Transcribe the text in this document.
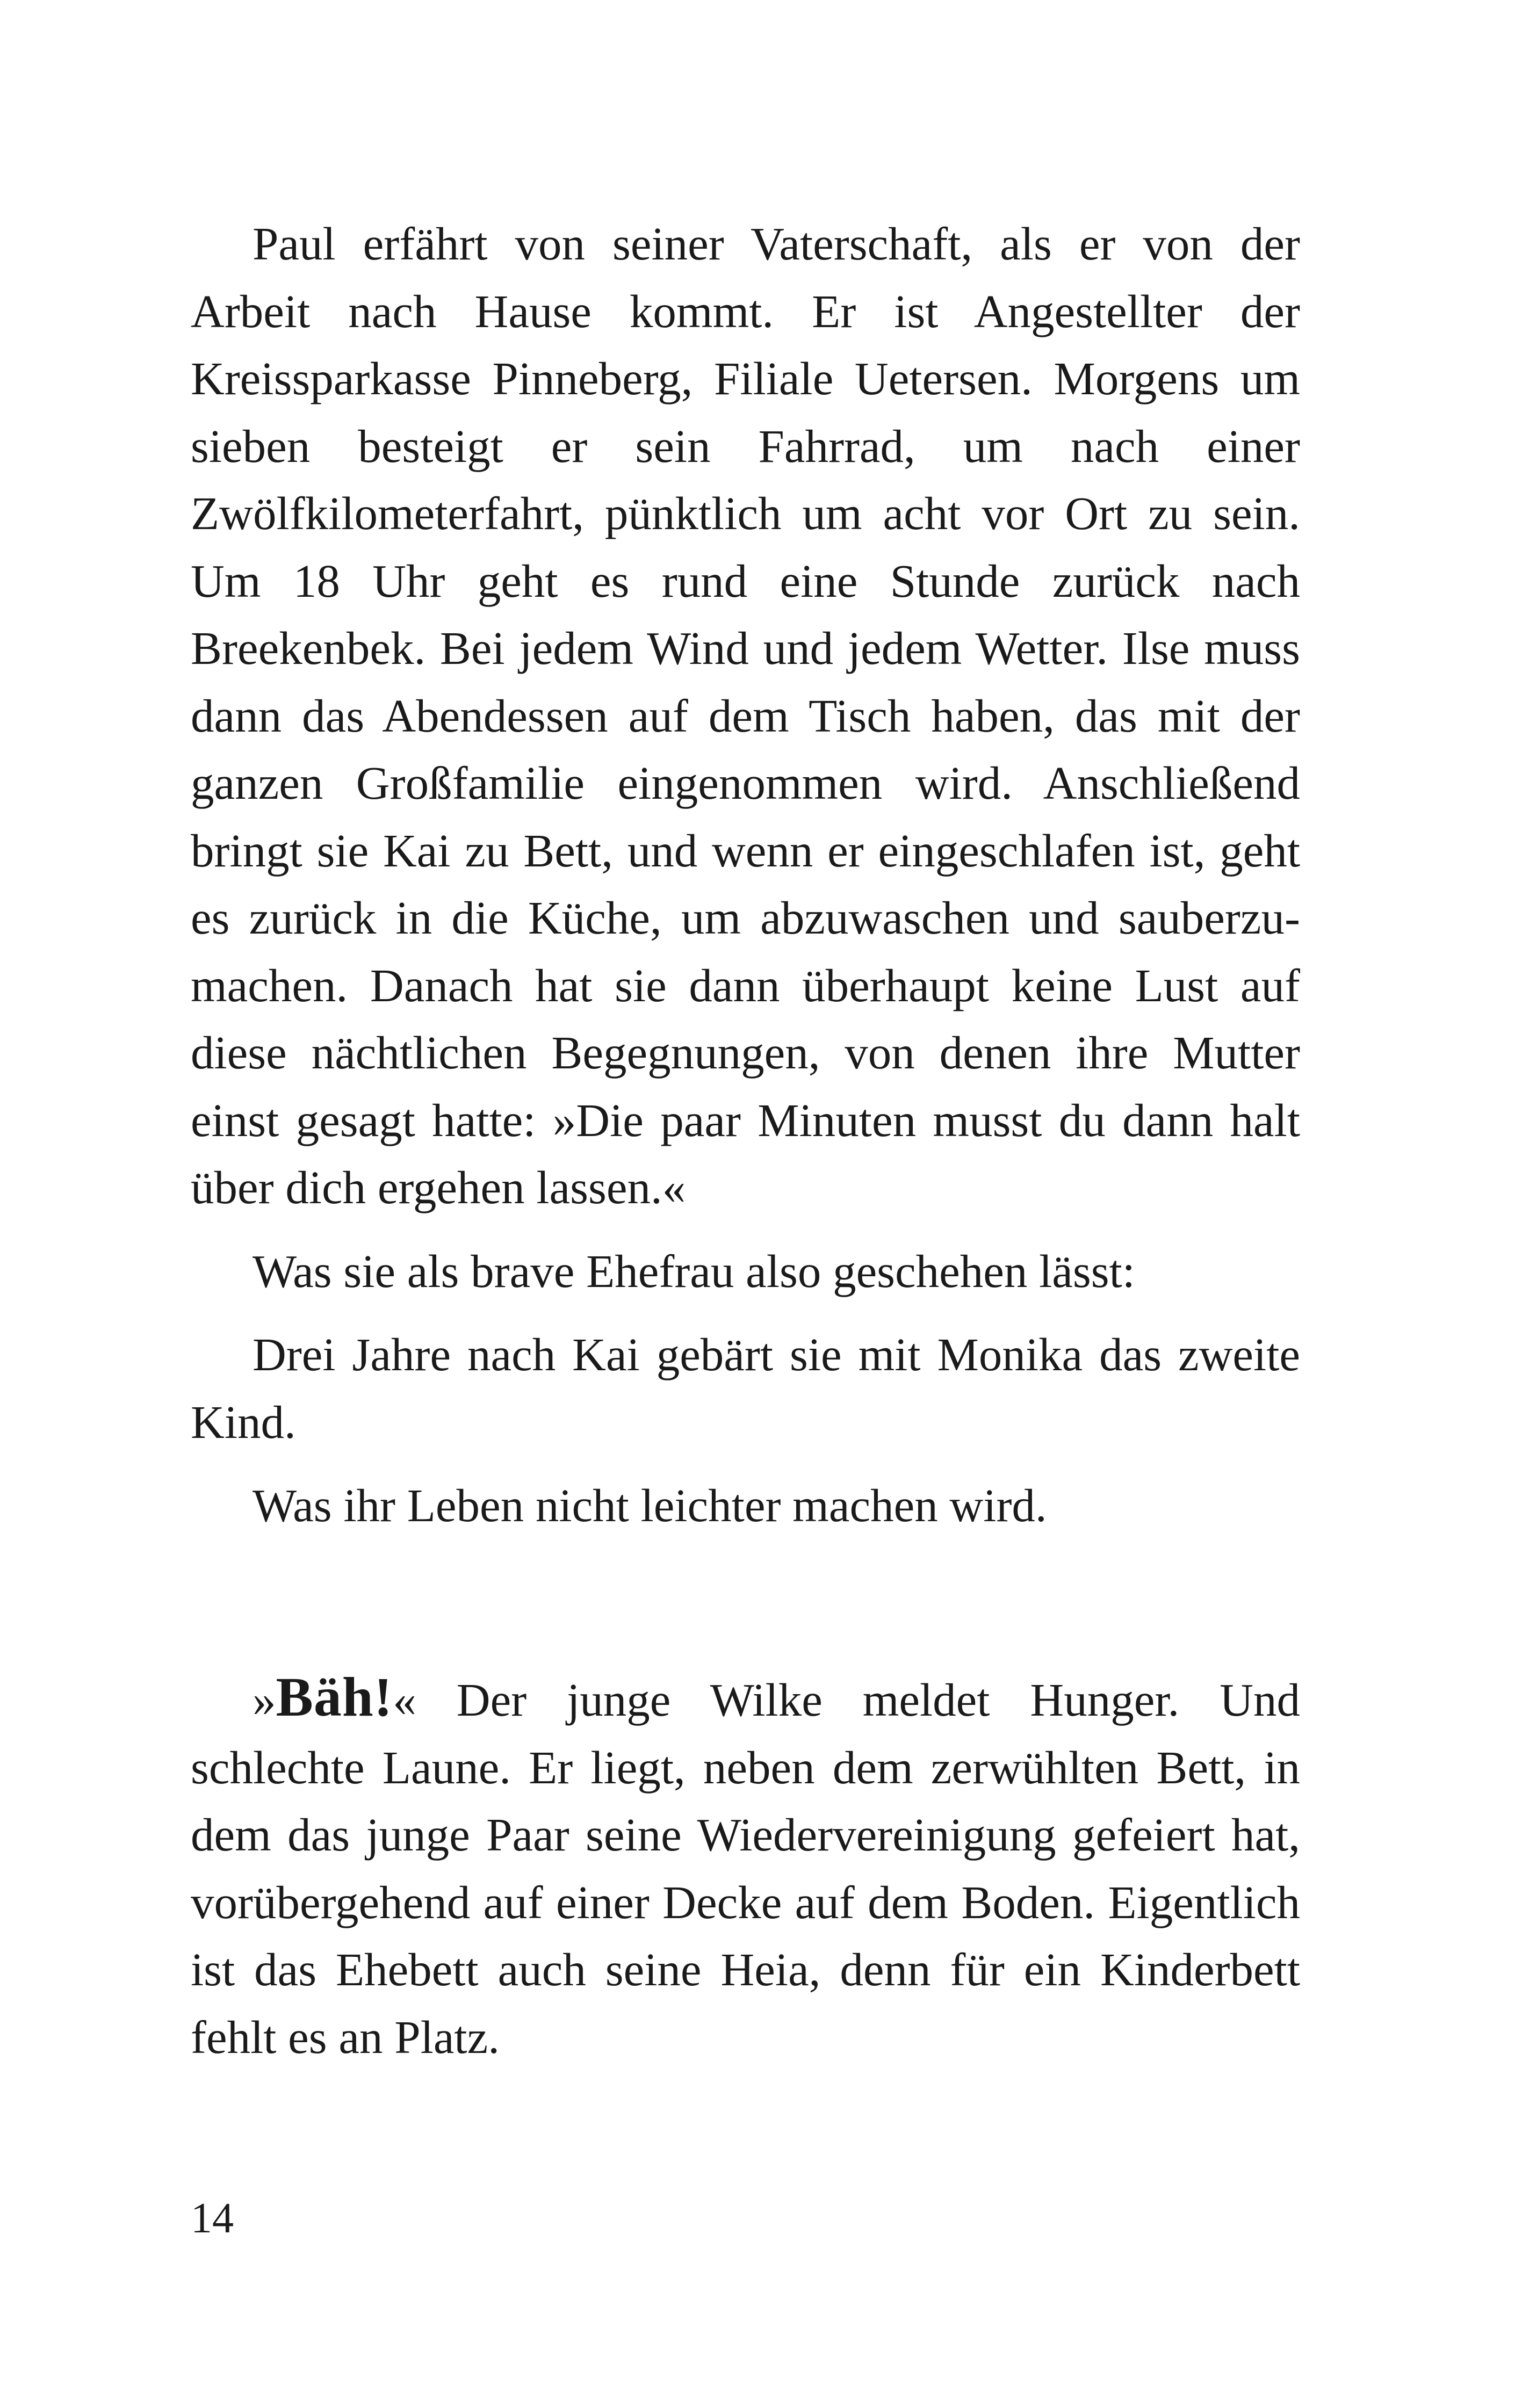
Paul erfährt von seiner Vaterschaft, als er von der Arbeit nach Hause kommt. Er ist Angestellter der Kreissparkasse Pinneberg, Filiale Uetersen. Morgens um sieben besteigt er sein Fahrrad, um nach einer Zwölfkilometerfahrt, pünktlich um acht vor Ort zu sein. Um 18 Uhr geht es rund eine Stunde zurück nach Breekenbek. Bei jedem Wind und jedem Wetter. Ilse muss dann das Abendessen auf dem Tisch haben, das mit der ganzen Großfamilie eingenommen wird. Anschließend bringt sie Kai zu Bett, und wenn er eingeschlafen ist, geht es zurück in die Küche, um abzuwaschen und sauberzumachen. Danach hat sie dann überhaupt keine Lust auf diese nächtlichen Begegnungen, von denen ihre Mutter einst gesagt hatte: »Die paar Minuten musst du dann halt über dich ergehen lassen.«

Was sie als brave Ehefrau also geschehen lässt:

Drei Jahre nach Kai gebärt sie mit Monika das zweite Kind.

Was ihr Leben nicht leichter machen wird.

»Bäh!« Der junge Wilke meldet Hunger. Und schlechte Laune. Er liegt, neben dem zerwühlten Bett, in dem das junge Paar seine Wiedervereinigung gefeiert hat, vorübergehend auf einer Decke auf dem Boden. Eigentlich ist das Ehebett auch seine Heia, denn für ein Kinderbett fehlt es an Platz.

14
